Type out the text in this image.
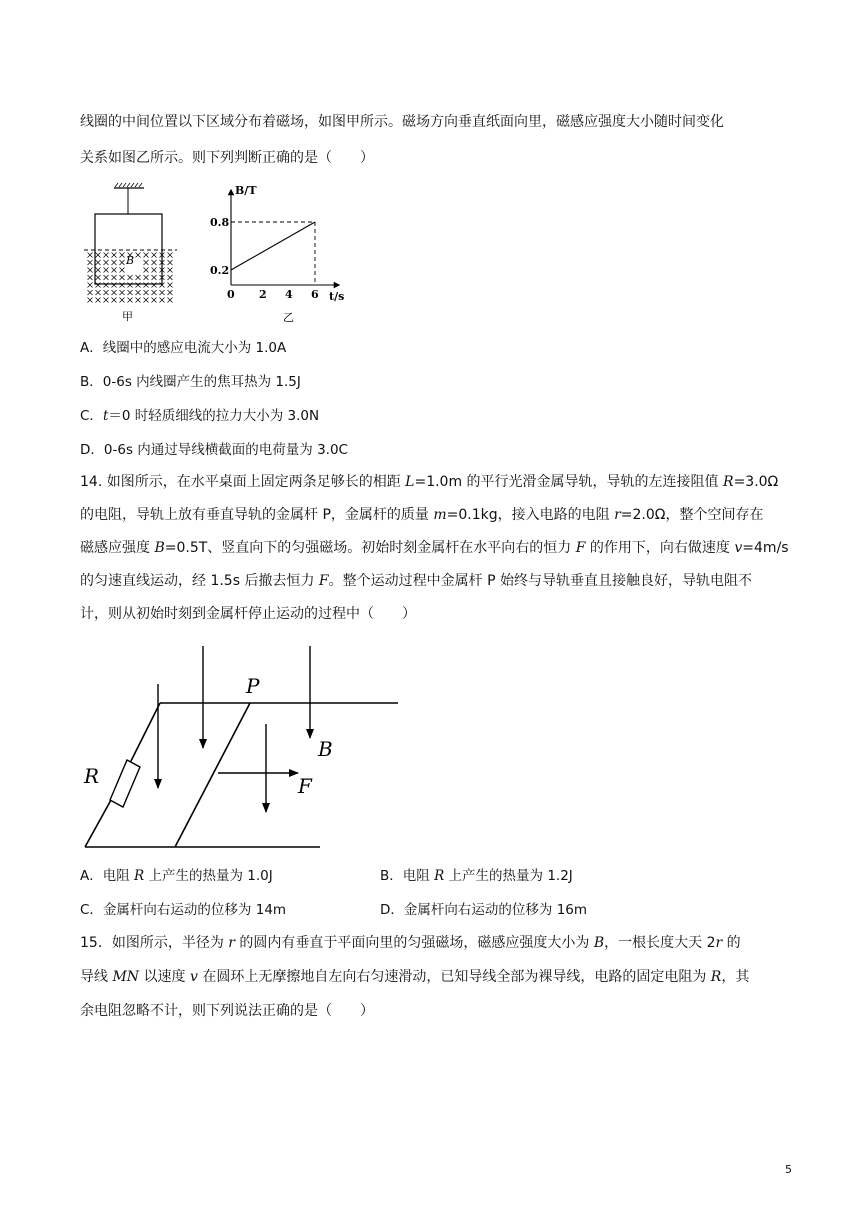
线圈的中间位置以下区域分布着磁场，如图甲所示。磁场方向垂直纸面向里，磁感应强度大小随时间变化
关系如图乙所示。则下列判断正确的是（　　）
B
甲
B/T
t/s
0.8
0.2
0 2 4 6
乙
A．线圈中的感应电流大小为 1.0A
B．0-6s 内线圈产生的焦耳热为 1.5J
C．t＝0 时轻质细线的拉力大小为 3.0N
D．0-6s 内通过导线横截面的电荷量为 3.0C
14. 如图所示，在水平桌面上固定两条足够长的相距 L=1.0m 的平行光滑金属导轨，导轨的左连接阻值 R=3.0Ω
的电阻，导轨上放有垂直导轨的金属杆 P，金属杆的质量 m=0.1kg，接入电路的电阻 r=2.0Ω，整个空间存在
磁感应强度 B=0.5T、竖直向下的匀强磁场。初始时刻金属杆在水平向右的恒力 F 的作用下，向右做速度 v=4m/s
的匀速直线运动，经 1.5s 后撤去恒力 F。整个运动过程中金属杆 P 始终与导轨垂直且接触良好，导轨电阻不
计，则从初始时刻到金属杆停止运动的过程中（　　）
P
B
R	F
A．电阻 R 上产生的热量为 1.0J	B．电阻 R 上产生的热量为 1.2J
C．金属杆向右运动的位移为 14m	D．金属杆向右运动的位移为 16m
15．如图所示，半径为 r 的圆内有垂直于平面向里的匀强磁场，磁感应强度大小为 B，一根长度大天 2r 的
导线 MN 以速度 v 在圆环上无摩擦地自左向右匀速滑动，已知导线全部为裸导线，电路的固定电阻为 R，其
余电阻忽略不计，则下列说法正确的是（　　）
5
